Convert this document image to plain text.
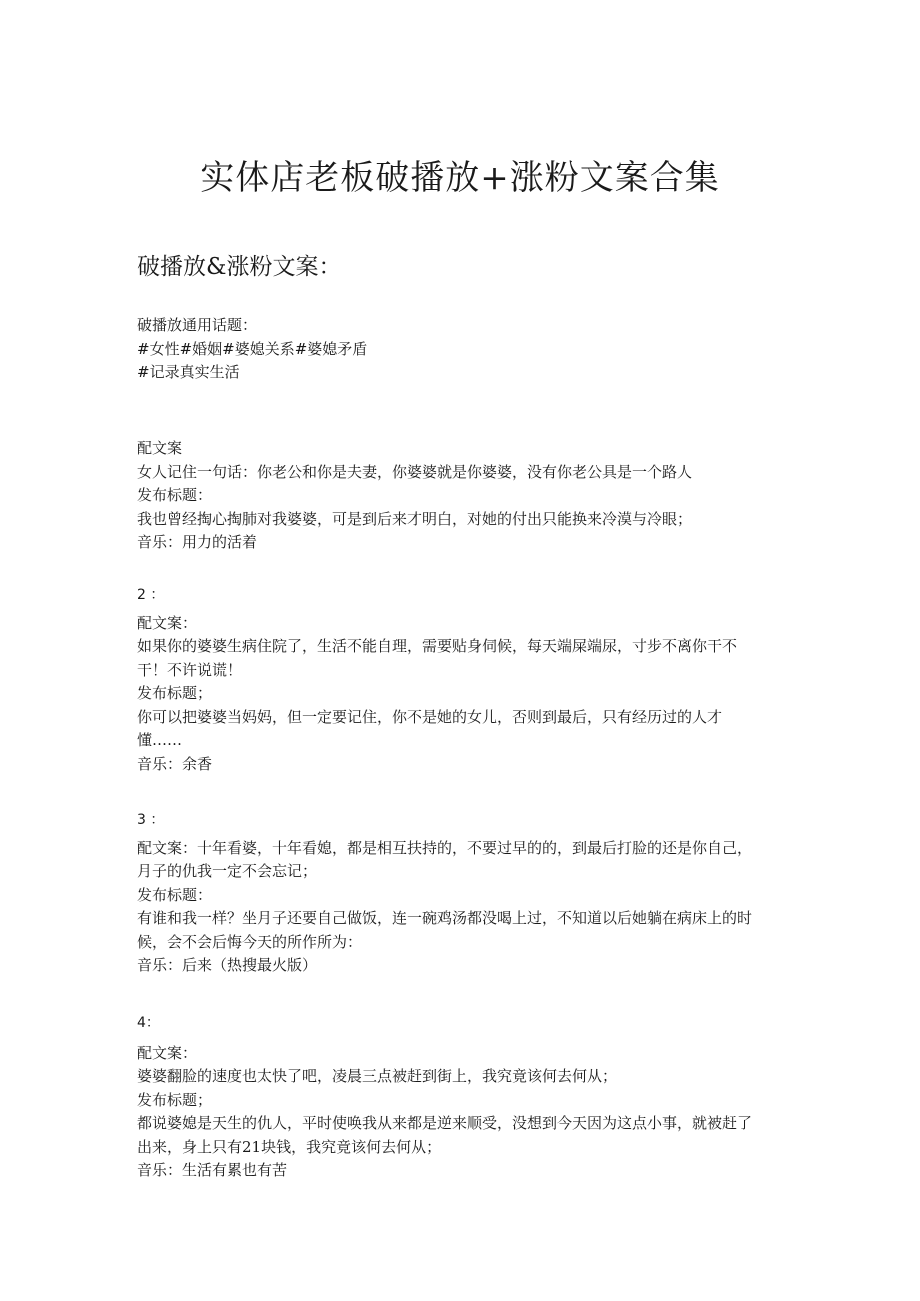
实体店老板破播放+涨粉文案合集
破播放&涨粉文案：
破播放通用话题：
#女性#婚姻#婆媳关系#婆媳矛盾
#记录真实生活
配文案
女人记住一句话：你老公和你是夫妻，你婆婆就是你婆婆，没有你老公具是一个路人
发布标题：
我也曾经掏心掏肺对我婆婆，可是到后来才明白，对她的付出只能换来冷漠与冷眼；
音乐：用力的活着
2 ：
配文案：
如果你的婆婆生病住院了，生活不能自理，需要贴身伺候，每天端屎端尿，寸步不离你干不
干！不许说谎！
发布标题；
你可以把婆婆当妈妈，但一定要记住，你不是她的女儿，否则到最后，只有经历过的人才
懂……
音乐：余香
3 ：
配文案：十年看婆，十年看媳，都是相互扶持的，不要过早的的，到最后打脸的还是你自己，
月子的仇我一定不会忘记；
发布标题：
有谁和我一样？坐月子还要自己做饭，连一碗鸡汤都没喝上过，不知道以后她躺在病床上的时
候，会不会后悔今天的所作所为：
音乐：后来（热搜最火版）
4：
配文案：
婆婆翻脸的速度也太快了吧，凌晨三点被赶到街上，我究竟该何去何从；
发布标题；
都说婆媳是天生的仇人，平时使唤我从来都是逆来顺受，没想到今天因为这点小事，就被赶了
出来，身上只有21块钱，我究竟该何去何从；
音乐：生活有累也有苦
